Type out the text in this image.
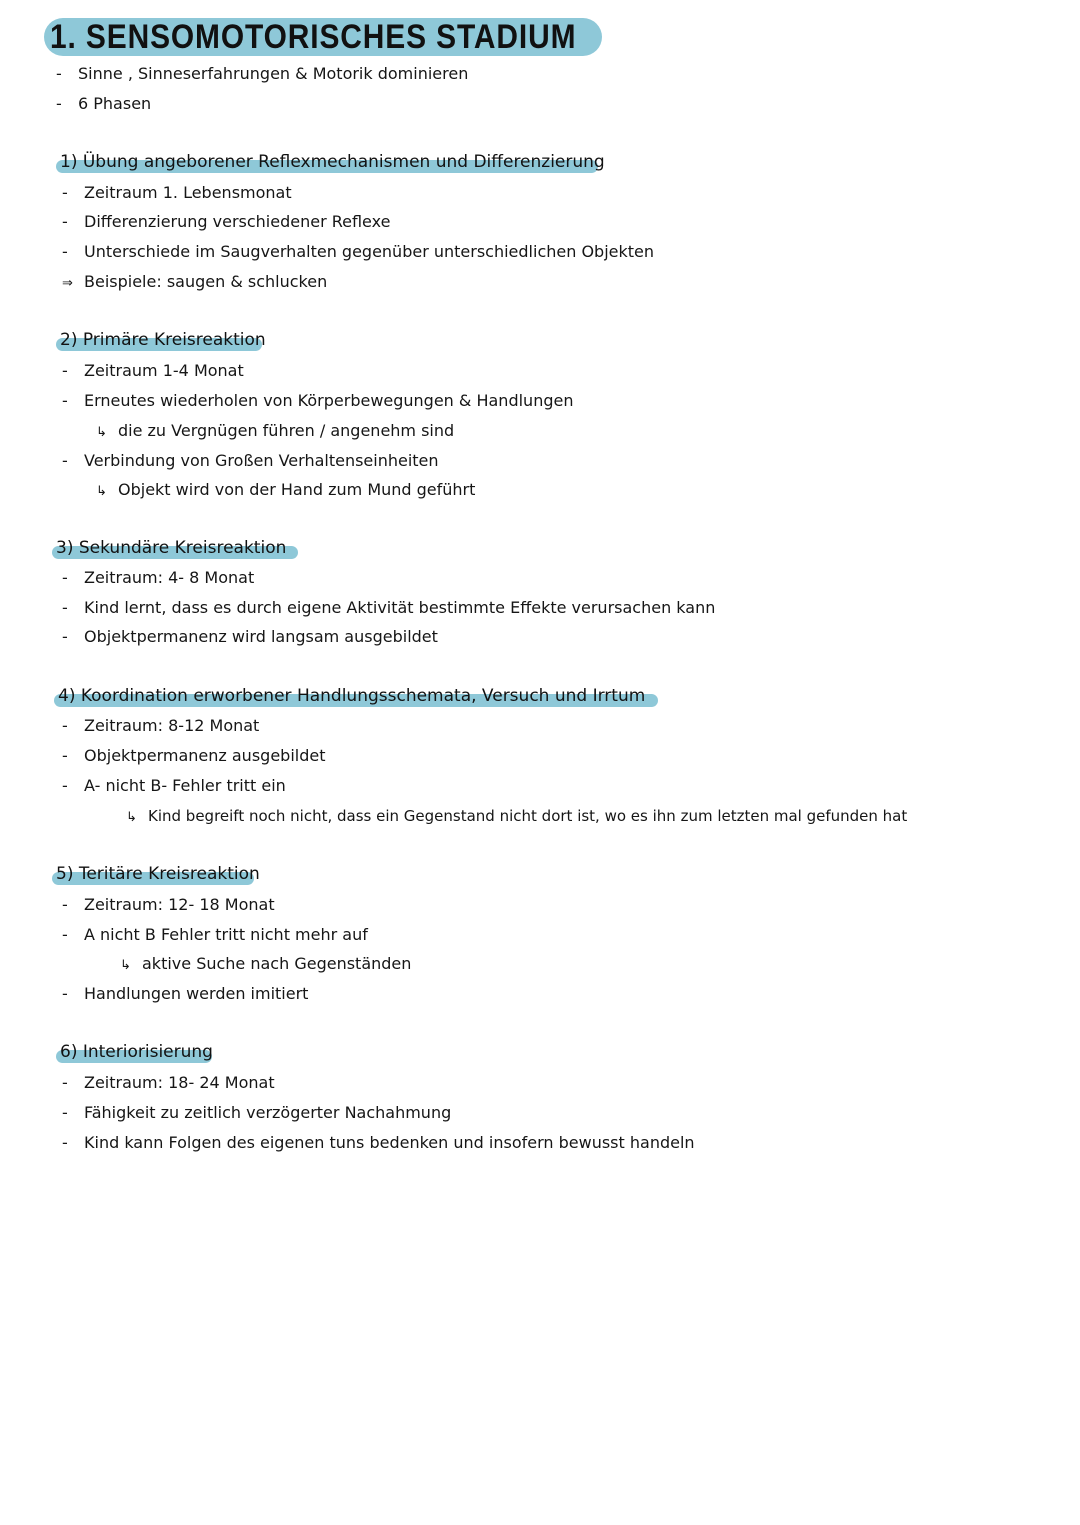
1. SENSOMOTORISCHES STADIUM
- Sinne , Sinneserfahrungen & Motorik dominieren
- 6 Phasen
1) Übung angeborener Reflexmechanismen und Differenzierung
- Zeitraum 1. Lebensmonat
- Differenzierung verschiedener Reflexe
- Unterschiede im Saugverhalten gegenüber unterschiedlichen Objekten
⇒ Beispiele: saugen & schlucken
2) Primäre Kreisreaktion
- Zeitraum 1-4 Monat
- Erneutes wiederholen von Körperbewegungen & Handlungen
↳ die zu Vergnügen führen / angenehm sind
- Verbindung von Großen Verhaltenseinheiten
↳ Objekt wird von der Hand zum Mund geführt
3) Sekundäre Kreisreaktion
- Zeitraum: 4- 8 Monat
- Kind lernt, dass es durch eigene Aktivität bestimmte Effekte verursachen kann
- Objektpermanenz wird langsam ausgebildet
4) Koordination erworbener Handlungsschemata, Versuch und Irrtum
- Zeitraum: 8-12 Monat
- Objektpermanenz ausgebildet
- A- nicht B- Fehler tritt ein
↳ Kind begreift noch nicht, dass ein Gegenstand nicht dort ist, wo es ihn zum letzten mal gefunden hat
5) Teritäre Kreisreaktion
- Zeitraum: 12- 18 Monat
- A nicht B Fehler tritt nicht mehr auf
↳ aktive Suche nach Gegenständen
- Handlungen werden imitiert
6) Interiorisierung
- Zeitraum: 18- 24 Monat
- Fähigkeit zu zeitlich verzögerter Nachahmung
- Kind kann Folgen des eigenen tuns bedenken und insofern bewusst handeln
